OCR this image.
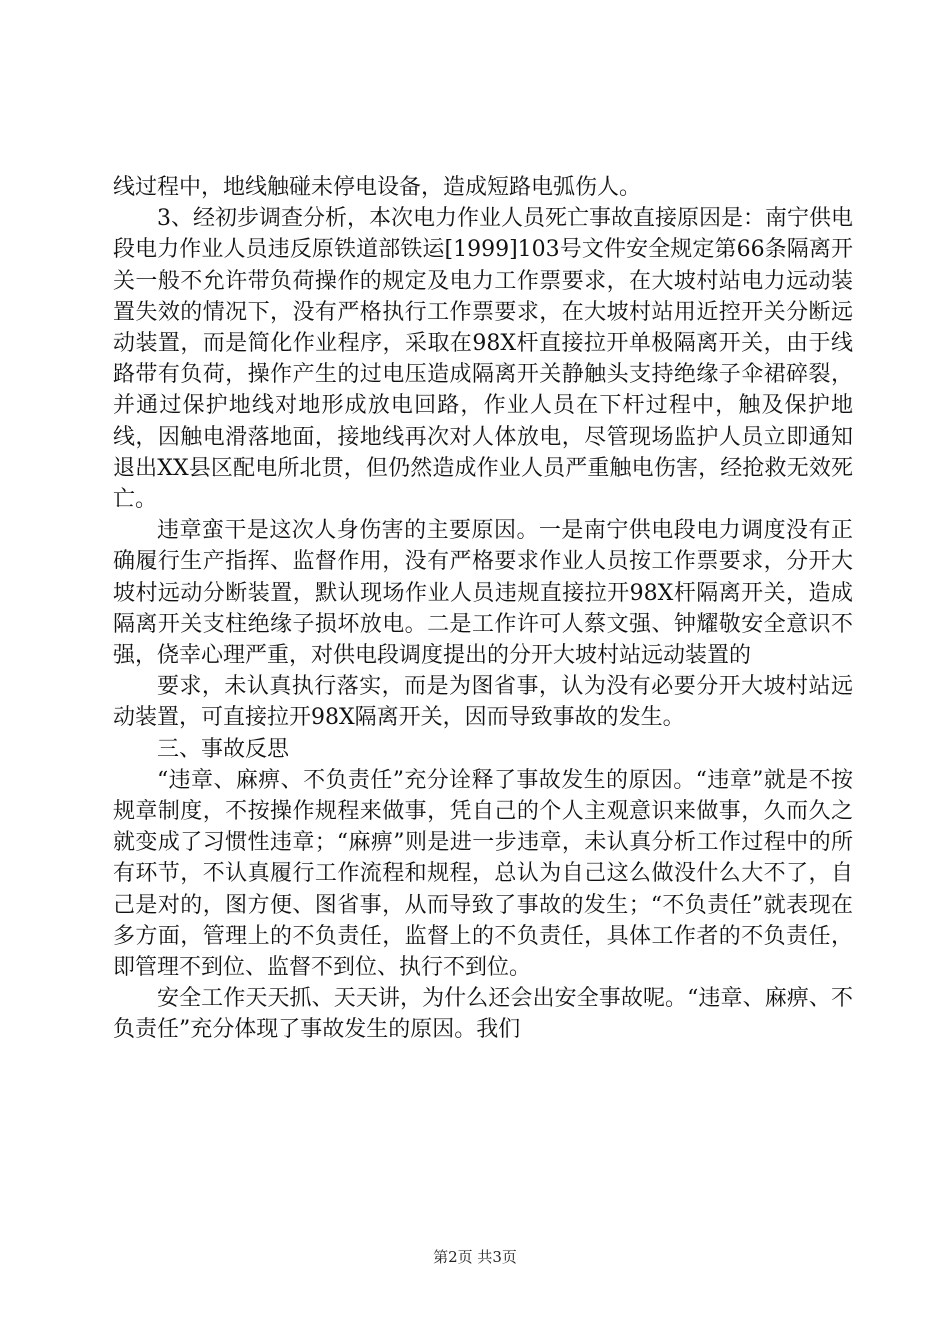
线过程中，地线触碰未停电设备，造成短路电弧伤人。

3、经初步调查分析，本次电力作业人员死亡事故直接原因是：南宁供电段电力作业人员违反原铁道部铁运[1999]103号文件安全规定第66条隔离开关一般不允许带负荷操作的规定及电力工作票要求，在大坡村站电力远动装置失效的情况下，没有严格执行工作票要求，在大坡村站用近控开关分断远动装置，而是简化作业程序，采取在98X杆直接拉开单极隔离开关，由于线路带有负荷，操作产生的过电压造成隔离开关静触头支持绝缘子伞裙碎裂，并通过保护地线对地形成放电回路，作业人员在下杆过程中，触及保护地线，因触电滑落地面，接地线再次对人体放电，尽管现场监护人员立即通知退出XX县区配电所北贯，但仍然造成作业人员严重触电伤害，经抢救无效死亡。

违章蛮干是这次人身伤害的主要原因。一是南宁供电段电力调度没有正确履行生产指挥、监督作用，没有严格要求作业人员按工作票要求，分开大坡村远动分断装置，默认现场作业人员违规直接拉开98X杆隔离开关，造成隔离开关支柱绝缘子损坏放电。二是工作许可人蔡文强、钟耀敬安全意识不强，侥幸心理严重，对供电段调度提出的分开大坡村站远动装置的

要求，未认真执行落实，而是为图省事，认为没有必要分开大坡村站远动装置，可直接拉开98X隔离开关，因而导致事故的发生。

三、事故反思

“违章、麻痹、不负责任”充分诠释了事故发生的原因。“违章”就是不按规章制度，不按操作规程来做事，凭自己的个人主观意识来做事，久而久之就变成了习惯性违章；“麻痹”则是进一步违章，未认真分析工作过程中的所有环节，不认真履行工作流程和规程，总认为自己这么做没什么大不了，自己是对的，图方便、图省事，从而导致了事故的发生；“不负责任”就表现在多方面，管理上的不负责任，监督上的不负责任，具体工作者的不负责任，即管理不到位、监督不到位、执行不到位。

安全工作天天抓、天天讲，为什么还会出安全事故呢。“违章、麻痹、不负责任”充分体现了事故发生的原因。我们

第2页 共3页
